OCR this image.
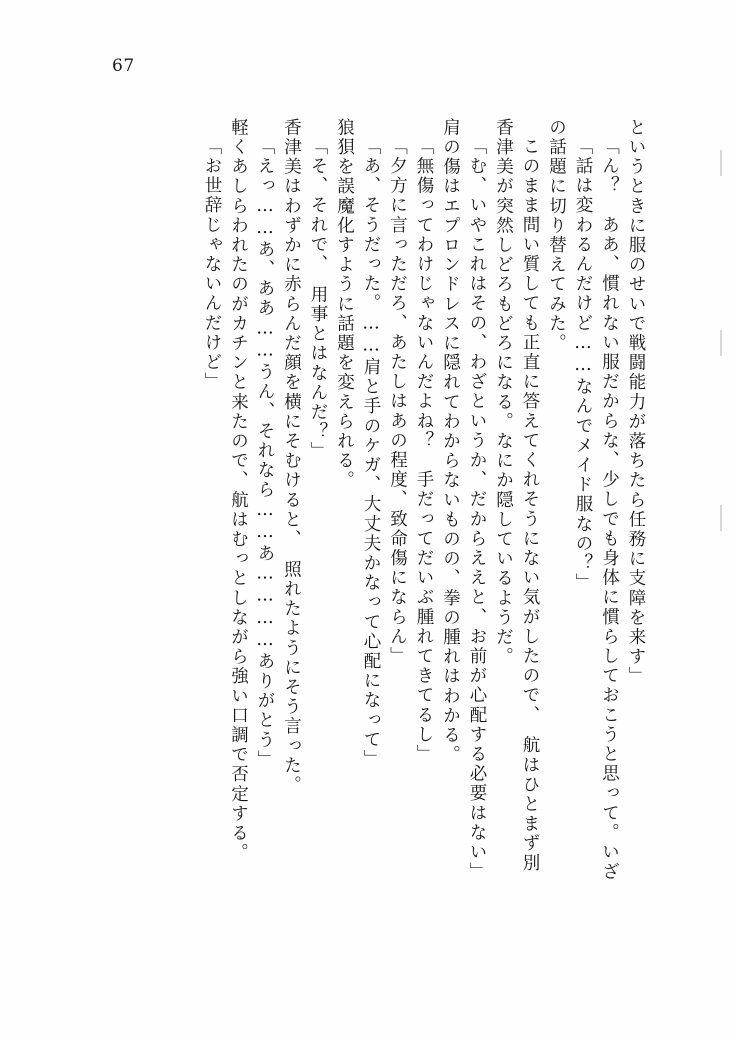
67
「お世辞じゃないんだけど」 軽くあしらわれたのがカチンと来たので、航はむっとしながら強い口調で否定する。 「えっ……あ、ああ……うん、それなら……あ…………ありがとう」 香津美はわずかに赤らんだ顔を横にそむけると、　照れたようにそう言った。 「そ、それで、　用事とはなんだ？」 狼狽を誤魔化すように話題を変えられる。 「あ、そうだった。……肩と手のケガ、大丈夫かなって心配になって」 「夕方に言っただろ、あたしはあの程度、致命傷にならん」 「無傷ってわけじゃないんだよね？　手だってだいぶ腫れてきてるし」 肩の傷はエプロンドレスに隠れてわからないものの、拳の腫れはわかる。 「む、いやこれはその、わざというか、だからええと、お前が心配する必要はない」 香津美が突然しどろもどろになる。なにか隠しているようだ。 このまま問い質しても正直に答えてくれそうにない気がしたので、　航はひとまず別 の話題に切り替えてみた。 「話は変わるんだけど……なんでメイド服なの？」 「ん？　ああ、慣れない服だからな、少しでも身体に慣らしておこうと思って。いざ というときに服のせいで戦闘能力が落ちたら任務に支障を来す」
